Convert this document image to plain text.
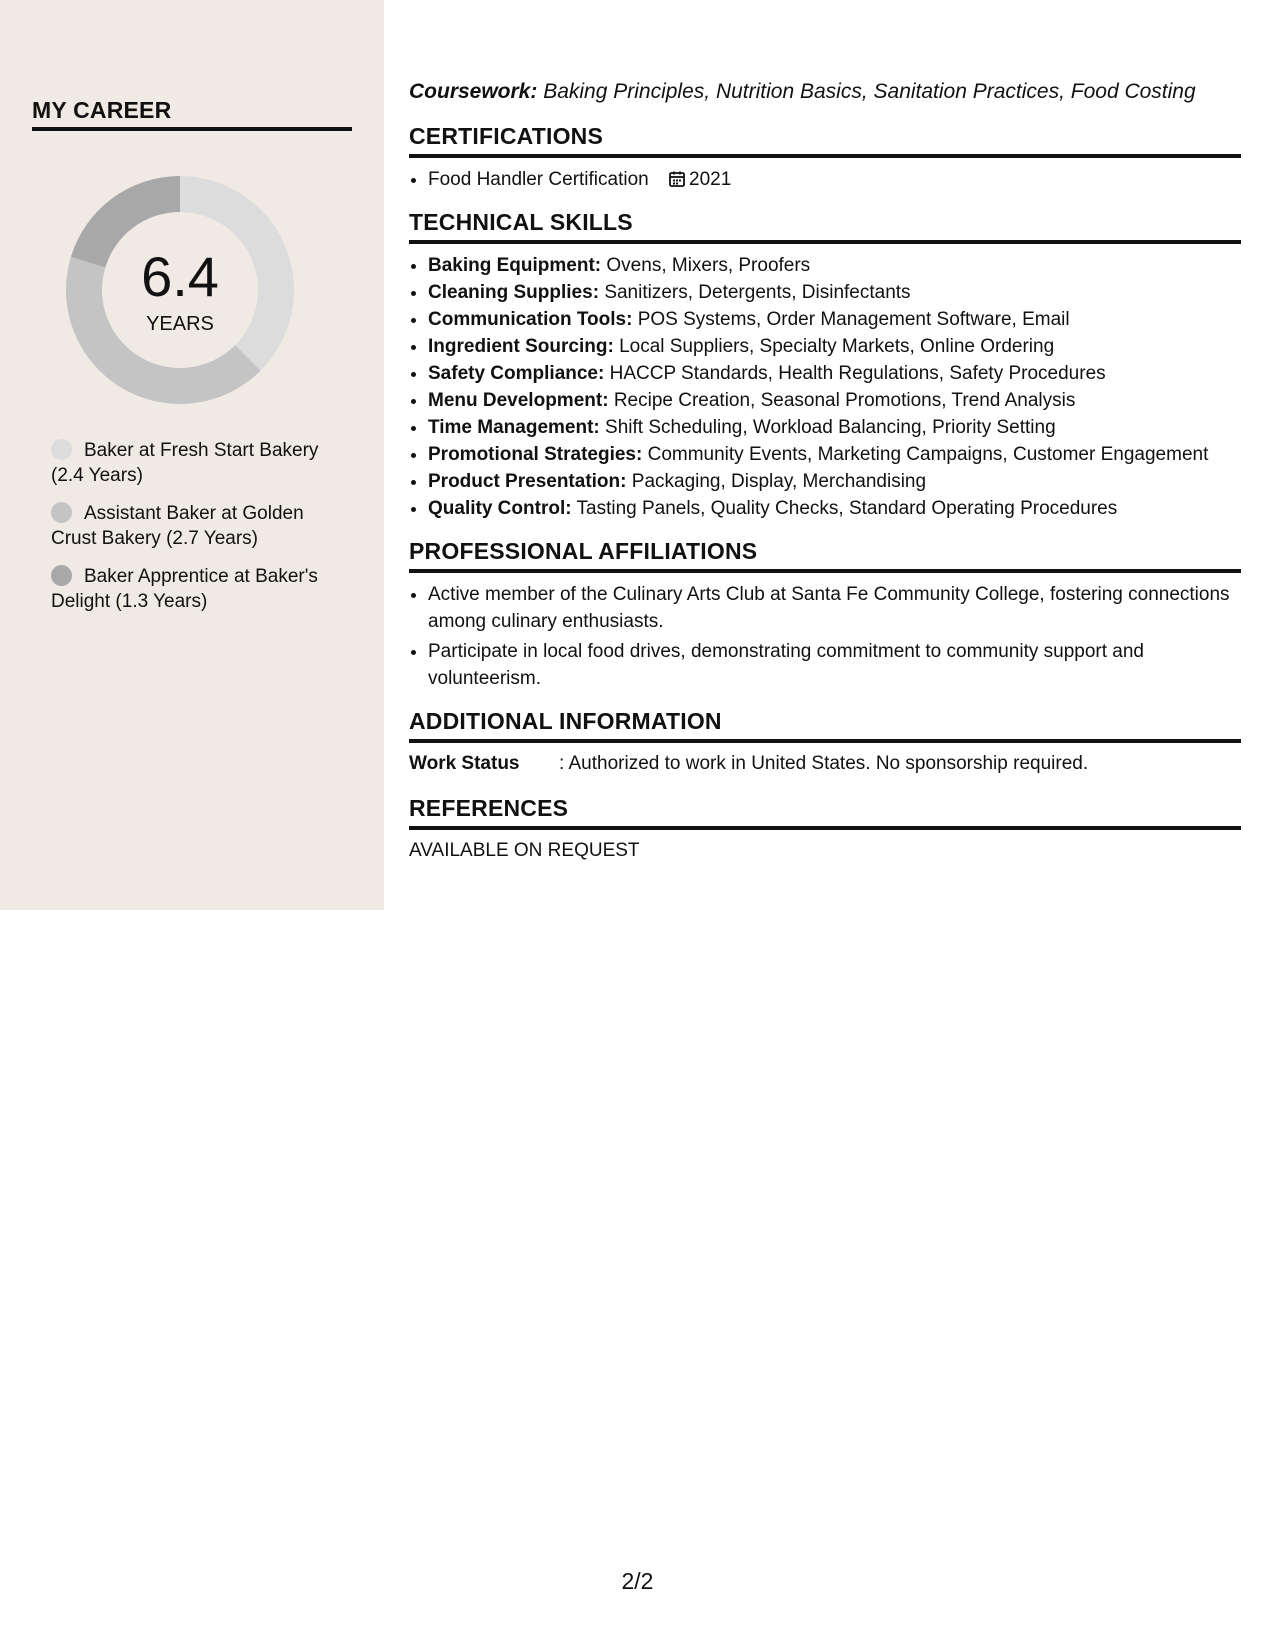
MY CAREER
6.4
YEARS
Baker at Fresh Start Bakery (2.4 Years)
Assistant Baker at Golden Crust Bakery (2.7 Years)
Baker Apprentice at Baker's Delight (1.3 Years)
Coursework: Baking Principles, Nutrition Basics, Sanitation Practices, Food Costing
CERTIFICATIONS
• Food Handler Certification 2021
TECHNICAL SKILLS
• Baking Equipment: Ovens, Mixers, Proofers
• Cleaning Supplies: Sanitizers, Detergents, Disinfectants
• Communication Tools: POS Systems, Order Management Software, Email
• Ingredient Sourcing: Local Suppliers, Specialty Markets, Online Ordering
• Safety Compliance: HACCP Standards, Health Regulations, Safety Procedures
• Menu Development: Recipe Creation, Seasonal Promotions, Trend Analysis
• Time Management: Shift Scheduling, Workload Balancing, Priority Setting
• Promotional Strategies: Community Events, Marketing Campaigns, Customer Engagement
• Product Presentation: Packaging, Display, Merchandising
• Quality Control: Tasting Panels, Quality Checks, Standard Operating Procedures
PROFESSIONAL AFFILIATIONS
• Active member of the Culinary Arts Club at Santa Fe Community College, fostering connections among culinary enthusiasts.
• Participate in local food drives, demonstrating commitment to community support and volunteerism.
ADDITIONAL INFORMATION
Work Status	: Authorized to work in United States. No sponsorship required.
REFERENCES
AVAILABLE ON REQUEST
2/2
